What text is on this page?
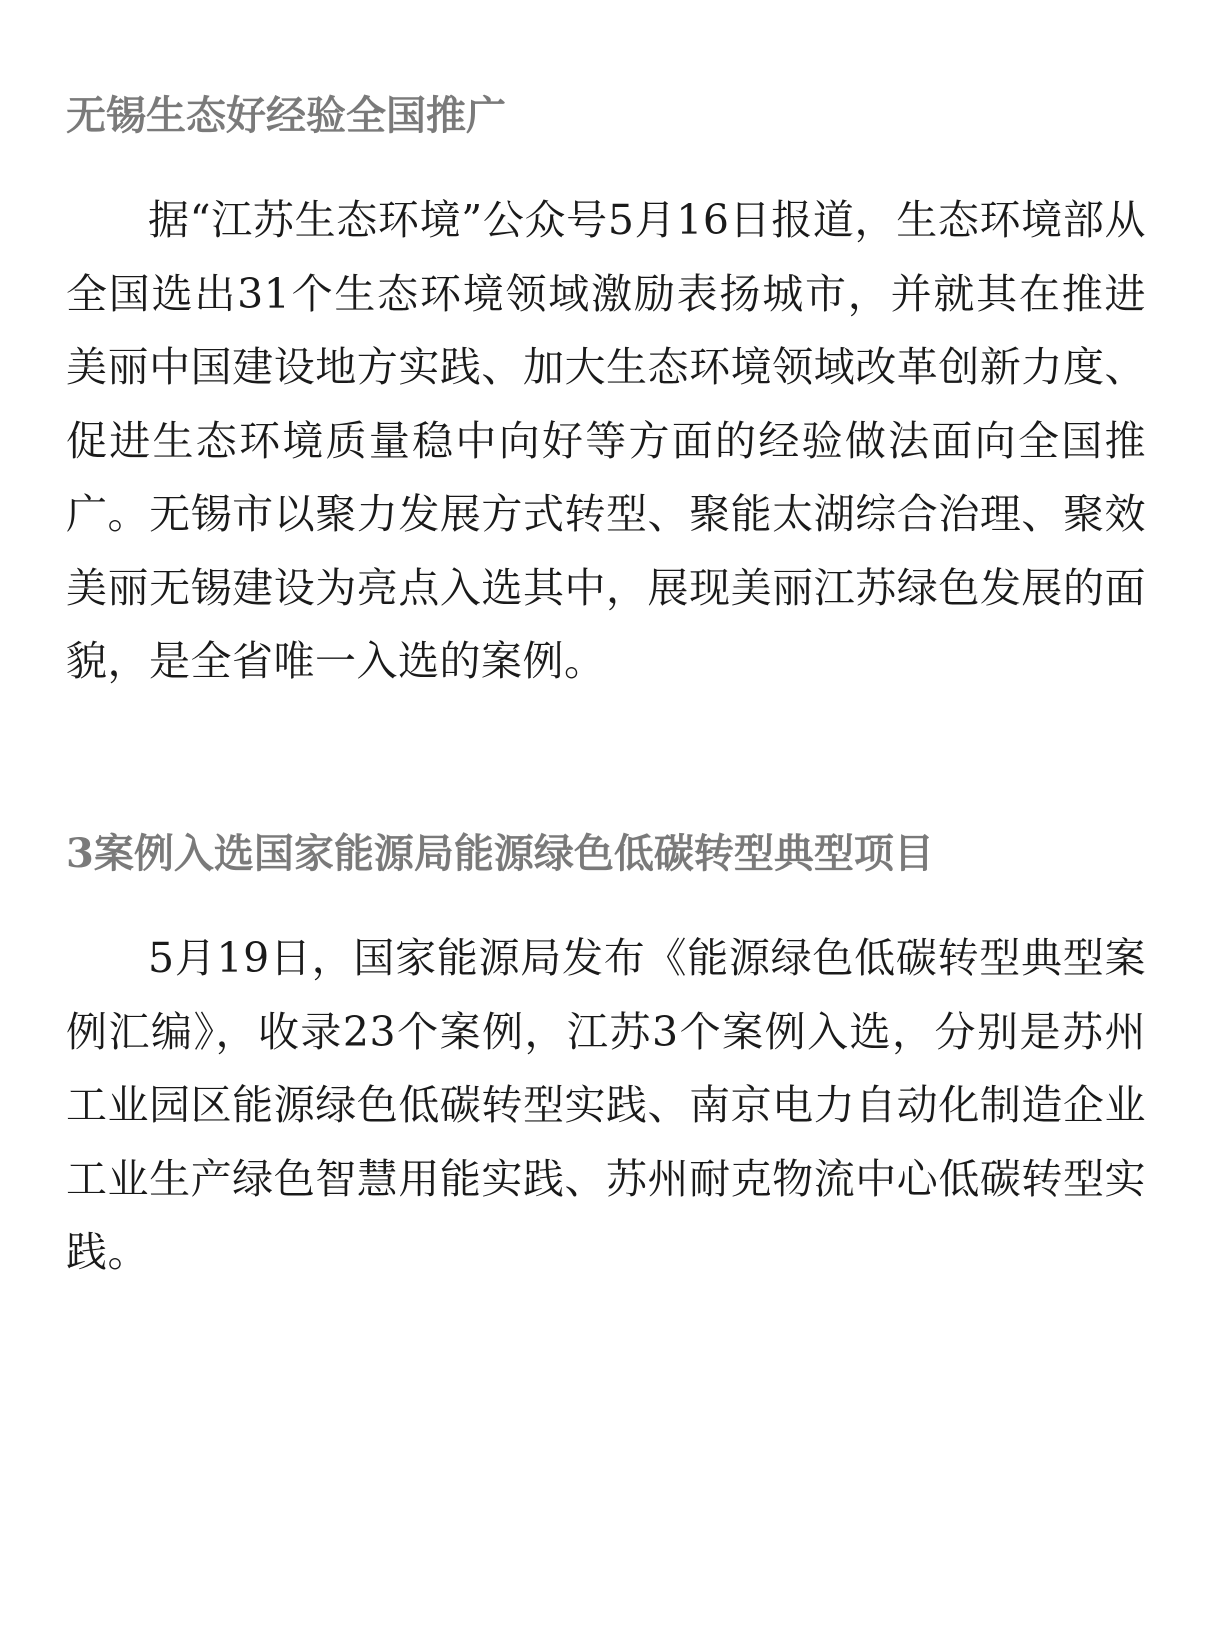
无锡生态好经验全国推广

据“江苏生态环境”公众号5月16日报道，生态环境部从全国选出31个生态环境领域激励表扬城市，并就其在推进美丽中国建设地方实践、加大生态环境领域改革创新力度、促进生态环境质量稳中向好等方面的经验做法面向全国推广。无锡市以聚力发展方式转型、聚能太湖综合治理、聚效美丽无锡建设为亮点入选其中，展现美丽江苏绿色发展的面貌，是全省唯一入选的案例。

3案例入选国家能源局能源绿色低碳转型典型项目

5月19日，国家能源局发布《能源绿色低碳转型典型案例汇编》，收录23个案例，江苏3个案例入选，分别是苏州工业园区能源绿色低碳转型实践、南京电力自动化制造企业工业生产绿色智慧用能实践、苏州耐克物流中心低碳转型实践。
